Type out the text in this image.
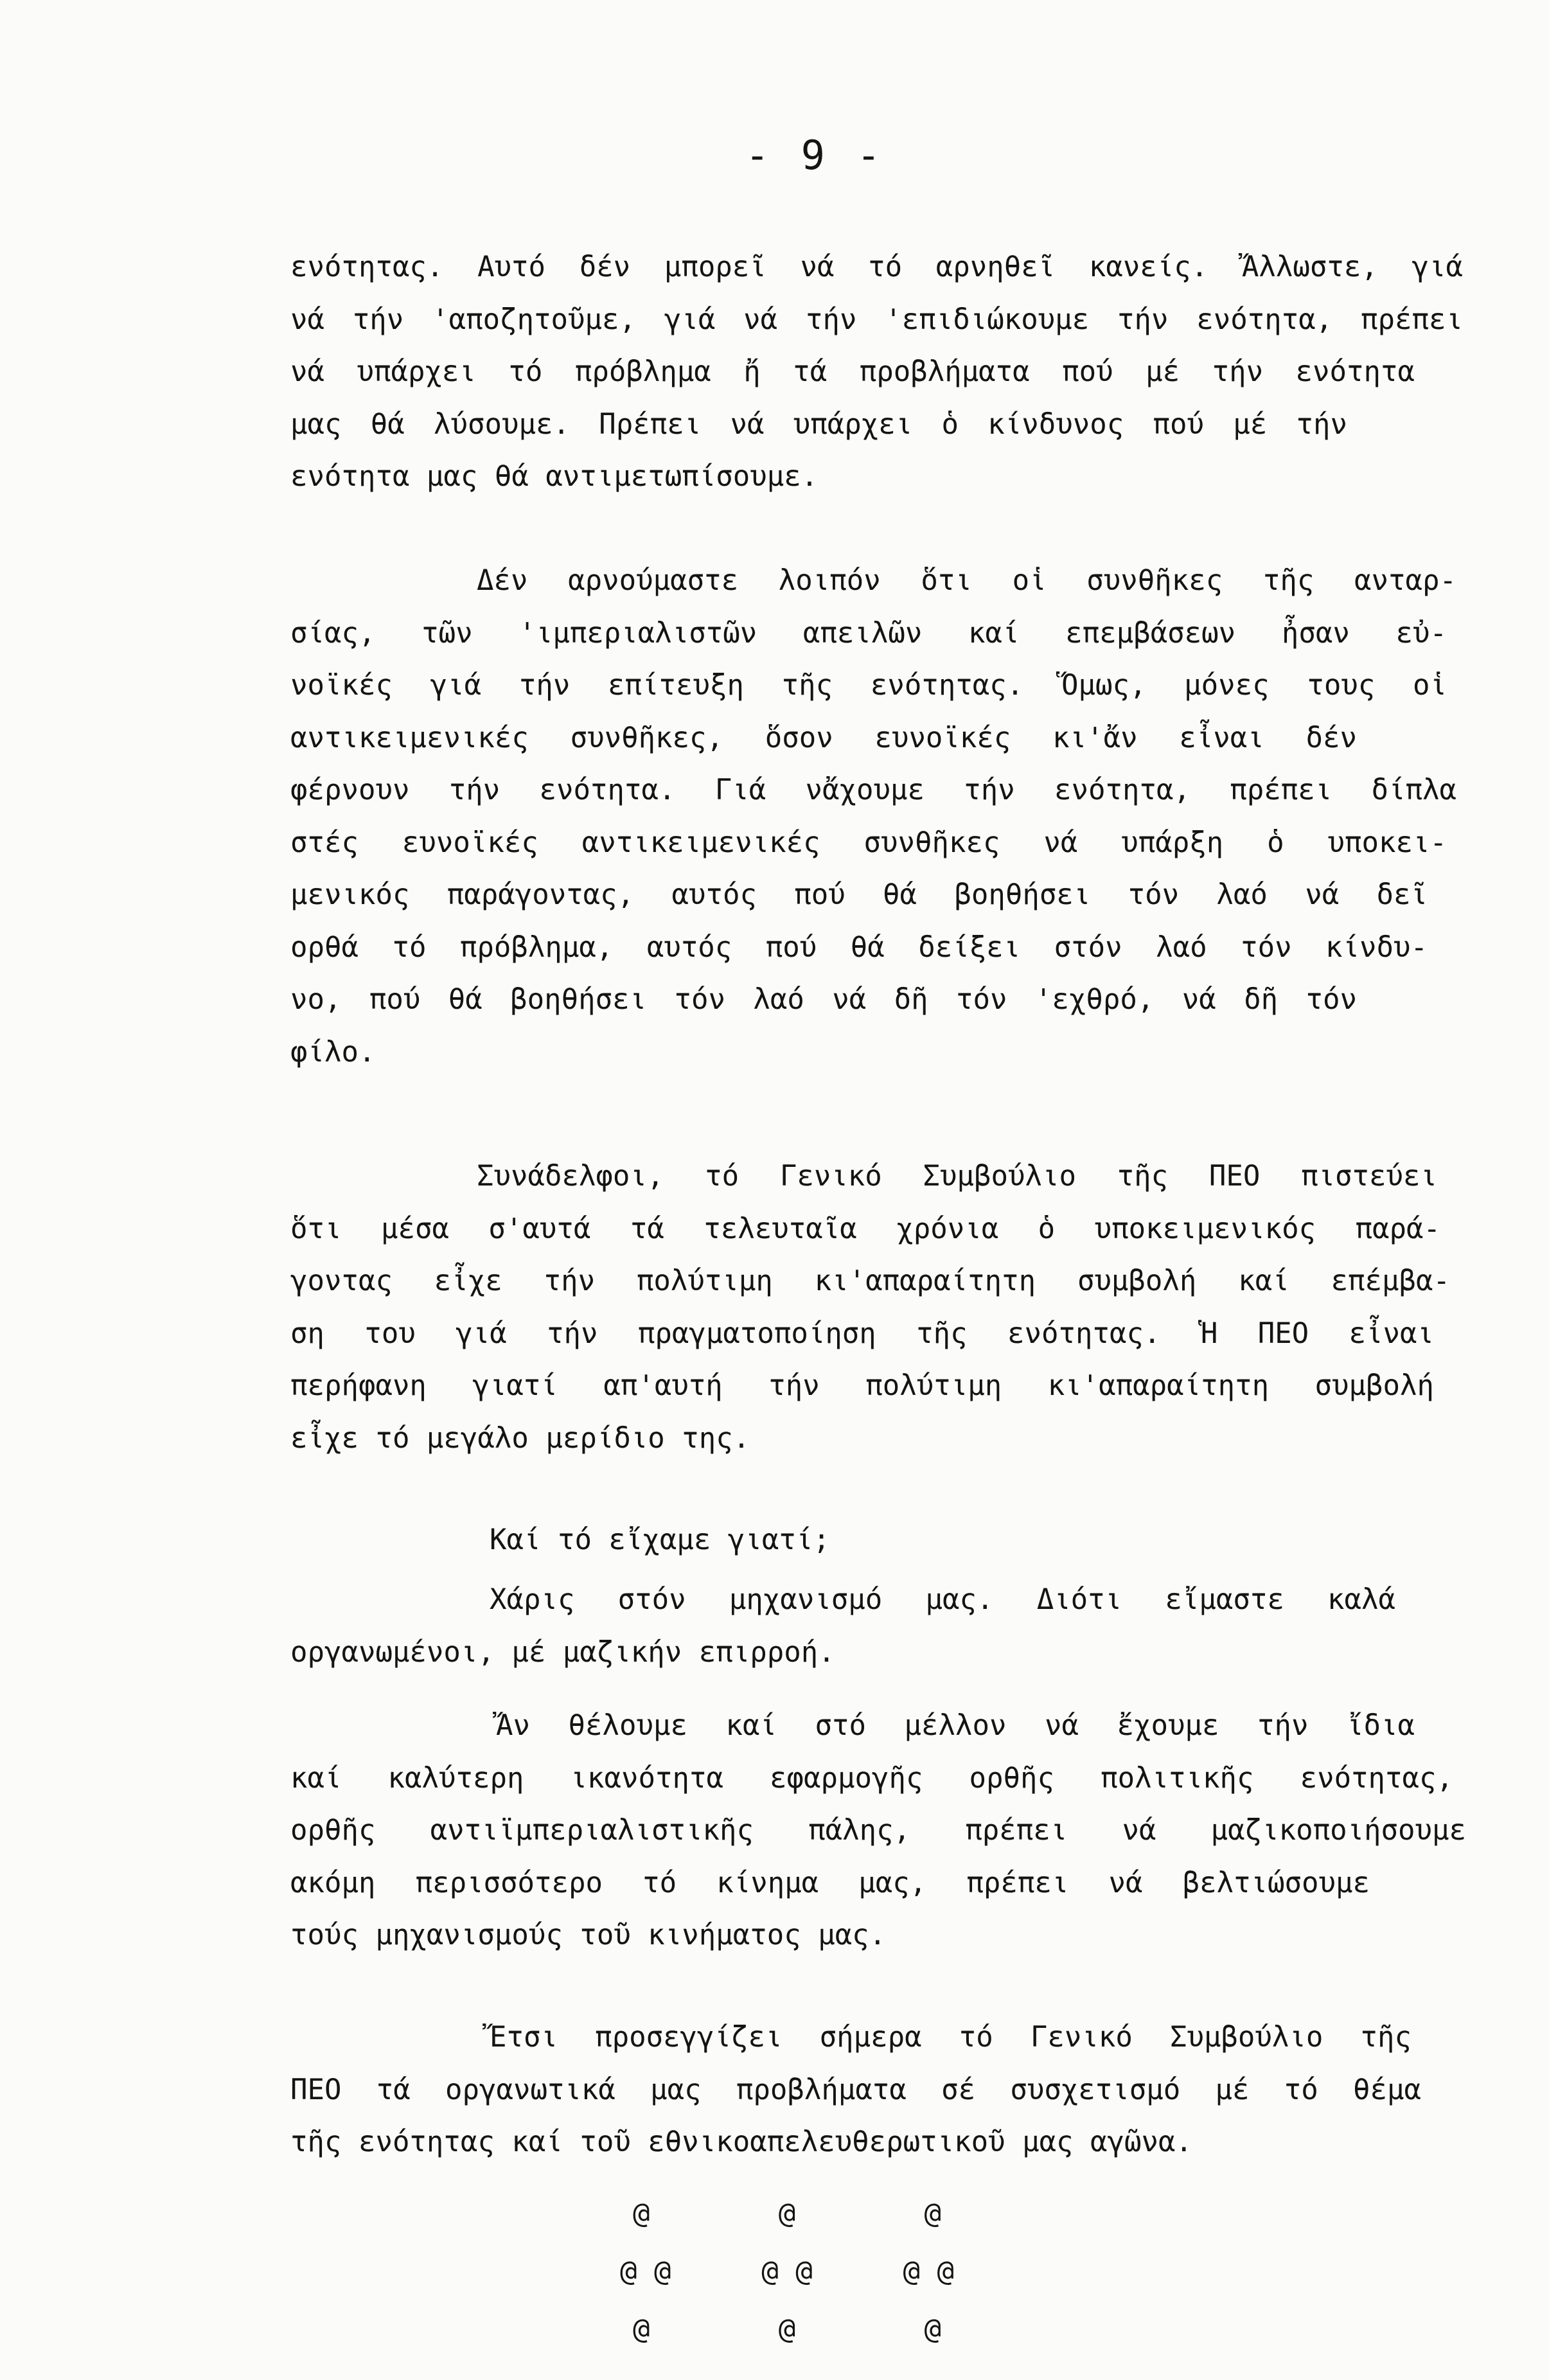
- 9 -
ενότητας. Αυτό δέν μπορεῖ νά τό αρνηθεῖ κανείς. Ἄλλωστε, γιά
νά τήν 'αποζητοῦμε, γιά νά τήν 'επιδιώκουμε τήν ενότητα, πρέπει
νά υπάρχει τό πρόβλημα ἤ τά προβλήματα πού μέ τήν ενότητα
μας θά λύσουμε. Πρέπει νά υπάρχει ὁ κίνδυνος πού μέ τήν
ενότητα μας θά αντιμετωπίσουμε.
Δέν αρνούμαστε λοιπόν ὅτι οἱ συνθῆκες τῆς ανταρ-
σίας, τῶν 'ιμπεριαλιστῶν απειλῶν καί επεμβάσεων ἦσαν εὐ-
νοϊκές γιά τήν επίτευξη τῆς ενότητας. Ὅμως, μόνες τους οἱ
αντικειμενικές συνθῆκες, ὅσον ευνοϊκές κι'ἄν εἶναι δέν
φέρνουν τήν ενότητα. Γιά νἄχουμε τήν ενότητα, πρέπει δίπλα
στές ευνοϊκές αντικειμενικές συνθῆκες νά υπάρξη ὁ υποκει-
μενικός παράγοντας, αυτός πού θά βοηθήσει τόν λαό νά δεῖ
ορθά τό πρόβλημα, αυτός πού θά δείξει στόν λαό τόν κίνδυ-
νο, πού θά βοηθήσει τόν λαό νά δῆ τόν 'εχθρό, νά δῆ τόν
φίλο.
Συνάδελφοι, τό Γενικό Συμβούλιο τῆς ΠΕΟ πιστεύει
ὅτι μέσα σ'αυτά τά τελευταῖα χρόνια ὁ υποκειμενικός παρά-
γοντας εἶχε τήν πολύτιμη κι'απαραίτητη συμβολή καί επέμβα-
ση του γιά τήν πραγματοποίηση τῆς ενότητας. Ἡ ΠΕΟ εἶναι
περήφανη γιατί απ'αυτή τήν πολύτιμη κι'απαραίτητη συμβολή
εἶχε τό μεγάλο μερίδιο της.
Καί τό εἴχαμε γιατί;
Χάρις στόν μηχανισμό μας. Διότι εἴμαστε καλά
οργανωμένοι, μέ μαζικήν επιρροή.
Ἄν θέλουμε καί στό μέλλον νά ἔχουμε τήν ἴδια
καί καλύτερη ικανότητα εφαρμογῆς ορθῆς πολιτικῆς ενότητας,
ορθῆς αντιϊμπεριαλιστικῆς πάλης, πρέπει νά μαζικοποιήσουμε
ακόμη περισσότερο τό κίνημα μας, πρέπει νά βελτιώσουμε
τούς μηχανισμούς τοῦ κινήματος μας.
Ἔτσι προσεγγίζει σήμερα τό Γενικό Συμβούλιο τῆς
ΠΕΟ τά οργανωτικά μας προβλήματα σέ συσχετισμό μέ τό θέμα
τῆς ενότητας καί τοῦ εθνικοαπελευθερωτικοῦ μας αγῶνα.
@	@	@
@ @	@ @	@ @
@	@	@
